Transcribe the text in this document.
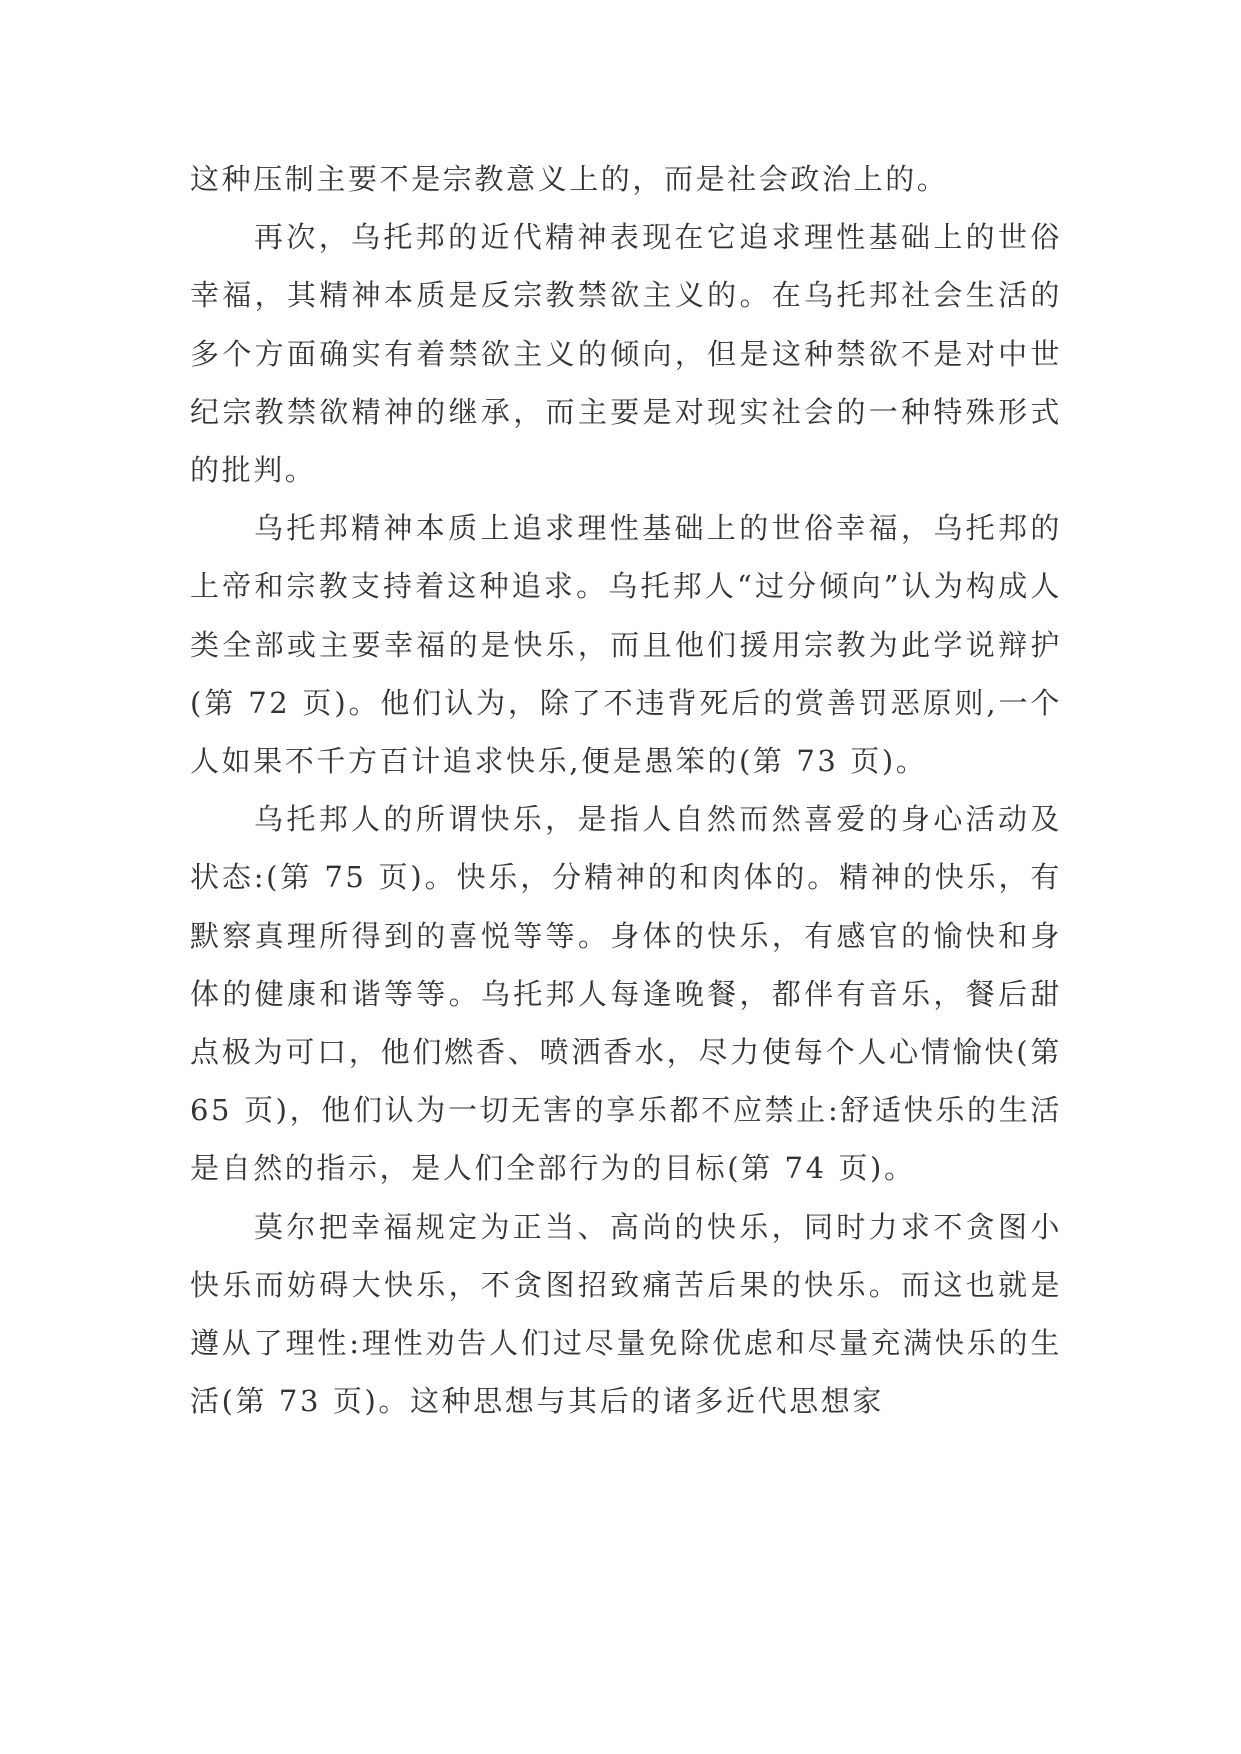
这种压制主要不是宗教意义上的，而是社会政治上的。

再次，乌托邦的近代精神表现在它追求理性基础上的世俗幸福，其精神本质是反宗教禁欲主义的。在乌托邦社会生活的多个方面确实有着禁欲主义的倾向，但是这种禁欲不是对中世纪宗教禁欲精神的继承，而主要是对现实社会的一种特殊形式的批判。

乌托邦精神本质上追求理性基础上的世俗幸福，乌托邦的上帝和宗教支持着这种追求。乌托邦人“过分倾向”认为构成人类全部或主要幸福的是快乐，而且他们援用宗教为此学说辩护(第 72 页)。他们认为，除了不违背死后的赏善罚恶原则,一个人如果不千方百计追求快乐,便是愚笨的(第 73 页)。

乌托邦人的所谓快乐，是指人自然而然喜爱的身心活动及状态:(第 75 页)。快乐，分精神的和肉体的。精神的快乐，有默察真理所得到的喜悦等等。身体的快乐，有感官的愉快和身体的健康和谐等等。乌托邦人每逢晚餐，都伴有音乐，餐后甜点极为可口，他们燃香、喷洒香水，尽力使每个人心情愉快(第 65 页)，他们认为一切无害的享乐都不应禁止:舒适快乐的生活是自然的指示，是人们全部行为的目标(第 74 页)。

莫尔把幸福规定为正当、高尚的快乐，同时力求不贪图小快乐而妨碍大快乐，不贪图招致痛苦后果的快乐。而这也就是遵从了理性:理性劝告人们过尽量免除优虑和尽量充满快乐的生活(第 73 页)。这种思想与其后的诸多近代思想家
